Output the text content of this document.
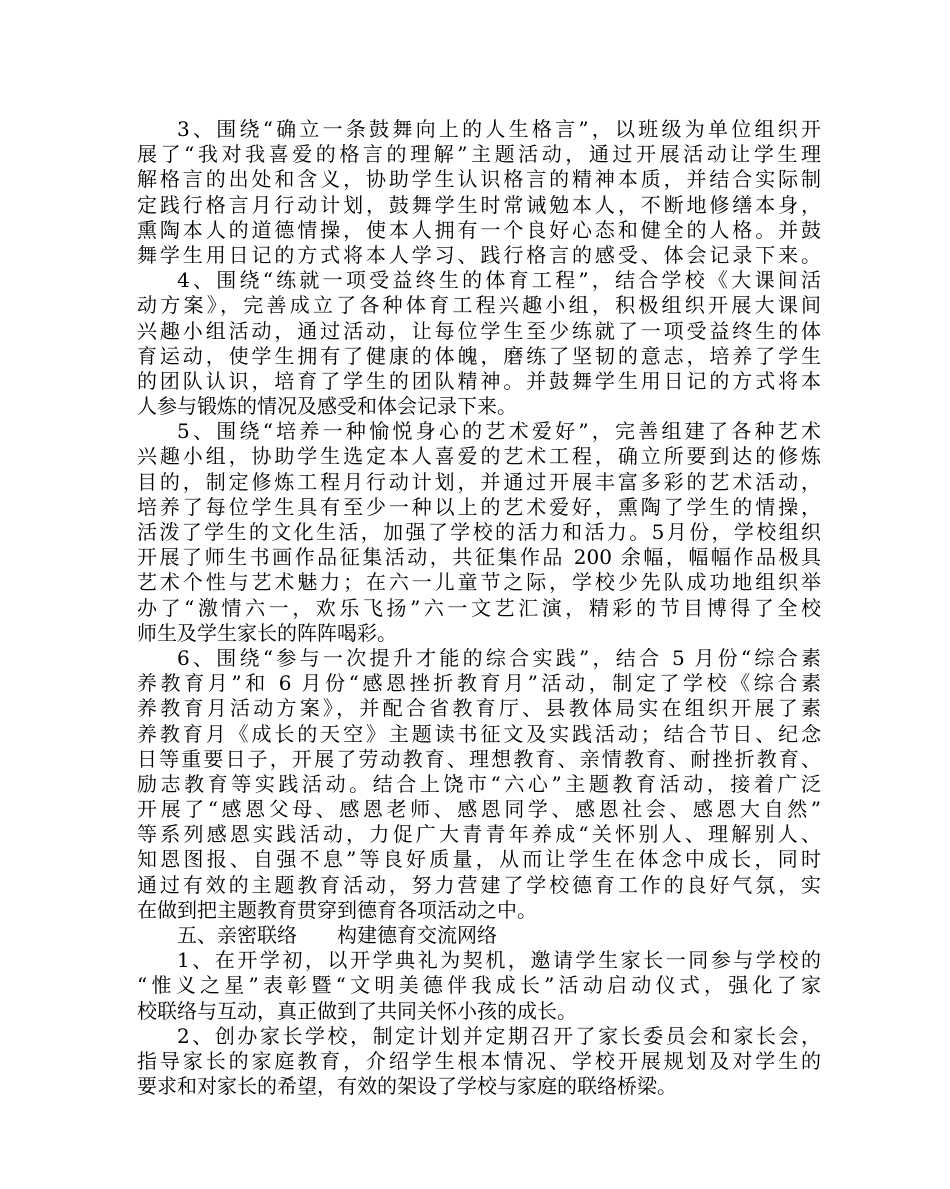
3、围绕“确立一条鼓舞向上的人生格言”，以班级为单位组织开
展了“我对我喜爱的格言的理解”主题活动，通过开展活动让学生理
解格言的出处和含义，协助学生认识格言的精神本质，并结合实际制
定践行格言月行动计划，鼓舞学生时常诫勉本人，不断地修缮本身，
熏陶本人的道德情操，使本人拥有一个良好心态和健全的人格。并鼓
舞学生用日记的方式将本人学习、践行格言的感受、体会记录下来。
4、围绕“练就一项受益终生的体育工程”，结合学校《大课间活
动方案》，完善成立了各种体育工程兴趣小组，积极组织开展大课间
兴趣小组活动，通过活动，让每位学生至少练就了一项受益终生的体
育运动，使学生拥有了健康的体魄，磨练了坚韧的意志，培养了学生
的团队认识，培育了学生的团队精神。并鼓舞学生用日记的方式将本
人参与锻炼的情况及感受和体会记录下来。
5、围绕“培养一种愉悦身心的艺术爱好”，完善组建了各种艺术
兴趣小组，协助学生选定本人喜爱的艺术工程，确立所要到达的修炼
目的，制定修炼工程月行动计划，并通过开展丰富多彩的艺术活动，
培养了每位学生具有至少一种以上的艺术爱好，熏陶了学生的情操，
活泼了学生的文化生活，加强了学校的活力和活力。5月份，学校组织
开展了师生书画作品征集活动，共征集作品 200 余幅，幅幅作品极具
艺术个性与艺术魅力；在六一儿童节之际，学校少先队成功地组织举
办了“激情六一，欢乐飞扬”六一文艺汇演，精彩的节目博得了全校
师生及学生家长的阵阵喝彩。
6、围绕“参与一次提升才能的综合实践”，结合 5 月份“综合素
养教育月”和 6 月份“感恩挫折教育月”活动，制定了学校《综合素
养教育月活动方案》，并配合省教育厅、县教体局实在组织开展了素
养教育月《成长的天空》主题读书征文及实践活动；结合节日、纪念
日等重要日子，开展了劳动教育、理想教育、亲情教育、耐挫折教育、
励志教育等实践活动。结合上饶市“六心”主题教育活动，接着广泛
开展了“感恩父母、感恩老师、感恩同学、感恩社会、感恩大自然”
等系列感恩实践活动，力促广大青青年养成“关怀别人、理解别人、
知恩图报、自强不息”等良好质量，从而让学生在体念中成长，同时
通过有效的主题教育活动，努力营建了学校德育工作的良好气氛，实
在做到把主题教育贯穿到德育各项活动之中。
五、亲密联络　　构建德育交流网络
1、在开学初，以开学典礼为契机，邀请学生家长一同参与学校的
“惟义之星”表彰暨“文明美德伴我成长”活动启动仪式，强化了家
校联络与互动，真正做到了共同关怀小孩的成长。
2、创办家长学校，制定计划并定期召开了家长委员会和家长会，
指导家长的家庭教育，介绍学生根本情况、学校开展规划及对学生的
要求和对家长的希望，有效的架设了学校与家庭的联络桥梁。
